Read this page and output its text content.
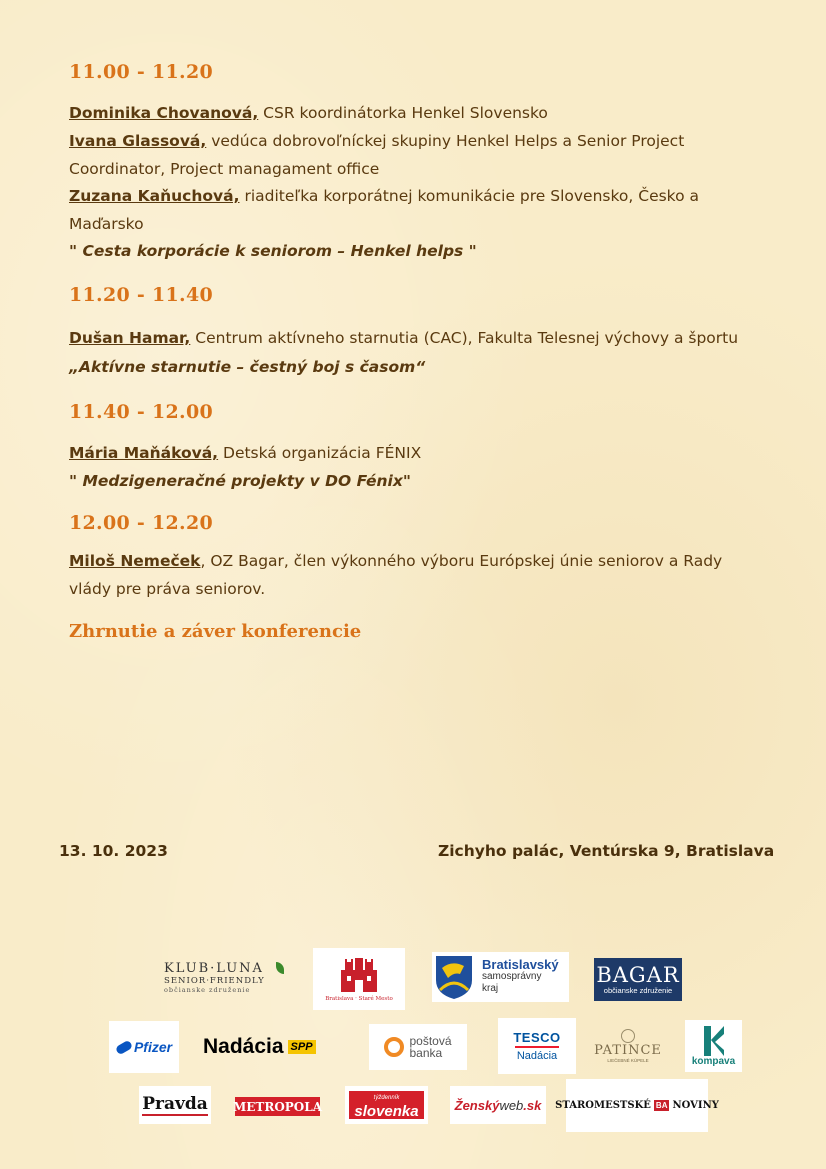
11.00 - 11.20
Dominika Chovanová, CSR koordinátorka Henkel Slovensko
Ivana Glassová, vedúca dobrovoľníckej skupiny Henkel Helps a Senior Project Coordinator, Project managament office
Zuzana Kaňuchová, riaditeľka korporátnej komunikácie pre Slovensko, Česko a Maďarsko
" Cesta korporácie k seniorom – Henkel helps "
11.20 - 11.40
Dušan Hamar, Centrum aktívneho starnutia (CAC), Fakulta Telesnej výchovy a športu
„Aktívne starnutie – čestný boj s časom“
11.40 - 12.00
Mária Maňáková, Detská organizácia FÉNIX
" Medzigeneračné projekty v DO Fénix"
12.00 - 12.20
Miloš Nemeček, OZ Bagar, člen výkonného výboru Európskej únie seniorov a Rady vlády pre práva seniorov.
Zhrnutie a záver konferencie
13. 10. 2023	Zichyho palác, Ventúrska 9, Bratislava
KLUB·LUNA
SENIOR·FRIENDLY
občianske združenie
Bratislava · Staré Mesto
Bratislavský
samosprávny
kraj
BAGAR
občianske združenie
Pfizer Nadácia SPP	poštová
banka
TESCO
Nadácia	PATINCE
LIEČEBNÉ KÚPELE	kompava
Pravda METROPOLA
týždenník
slovenka	Ženský web .sk STAROMESTSKÉ BA NOVINY
